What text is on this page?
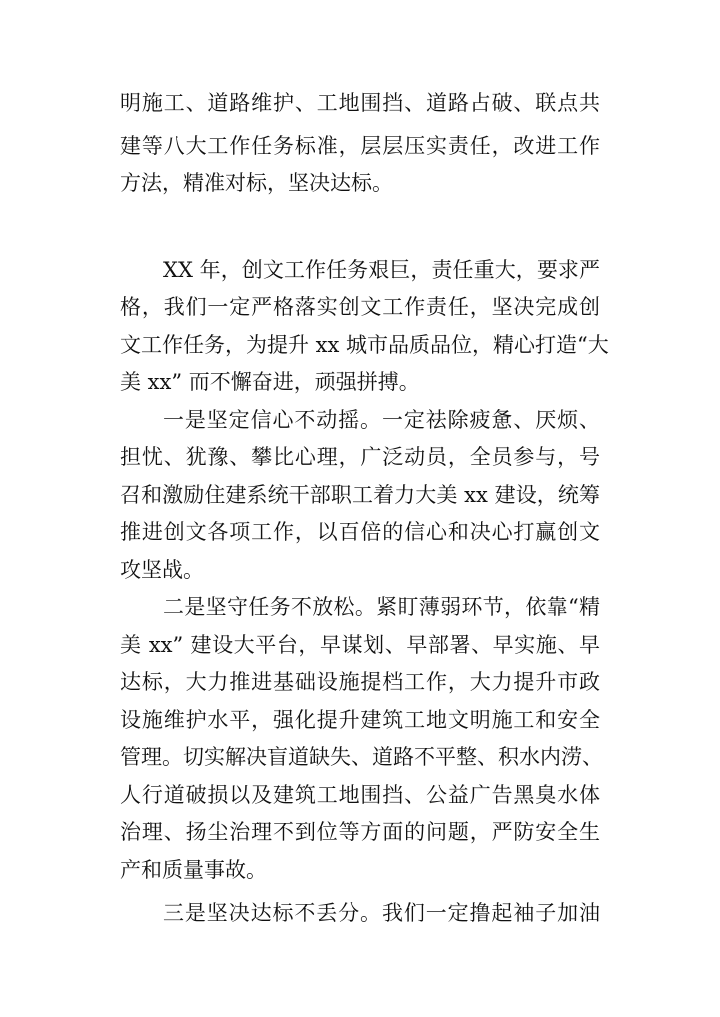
明施工、道路维护、工地围挡、道路占破、联点共
建等八大工作任务标准，层层压实责任，改进工作
方法，精准对标，坚决达标。
XX 年，创文工作任务艰巨，责任重大，要求严
格，我们一定严格落实创文工作责任，坚决完成创
文工作任务，为提升 xx 城市品质品位，精心打造“大
美 xx” 而不懈奋进，顽强拼搏。
一是坚定信心不动摇。一定祛除疲惫、厌烦、
担忧、犹豫、攀比心理，广泛动员，全员参与，号
召和激励住建系统干部职工着力大美 xx 建设，统筹
推进创文各项工作，以百倍的信心和决心打赢创文
攻坚战。
二是坚守任务不放松。紧盯薄弱环节，依靠“精
美 xx” 建设大平台，早谋划、早部署、早实施、早
达标，大力推进基础设施提档工作，大力提升市政
设施维护水平，强化提升建筑工地文明施工和安全
管理。切实解决盲道缺失、道路不平整、积水内涝、
人行道破损以及建筑工地围挡、公益广告黑臭水体
治理、扬尘治理不到位等方面的问题，严防安全生
产和质量事故。
三是坚决达标不丢分。我们一定撸起袖子加油
